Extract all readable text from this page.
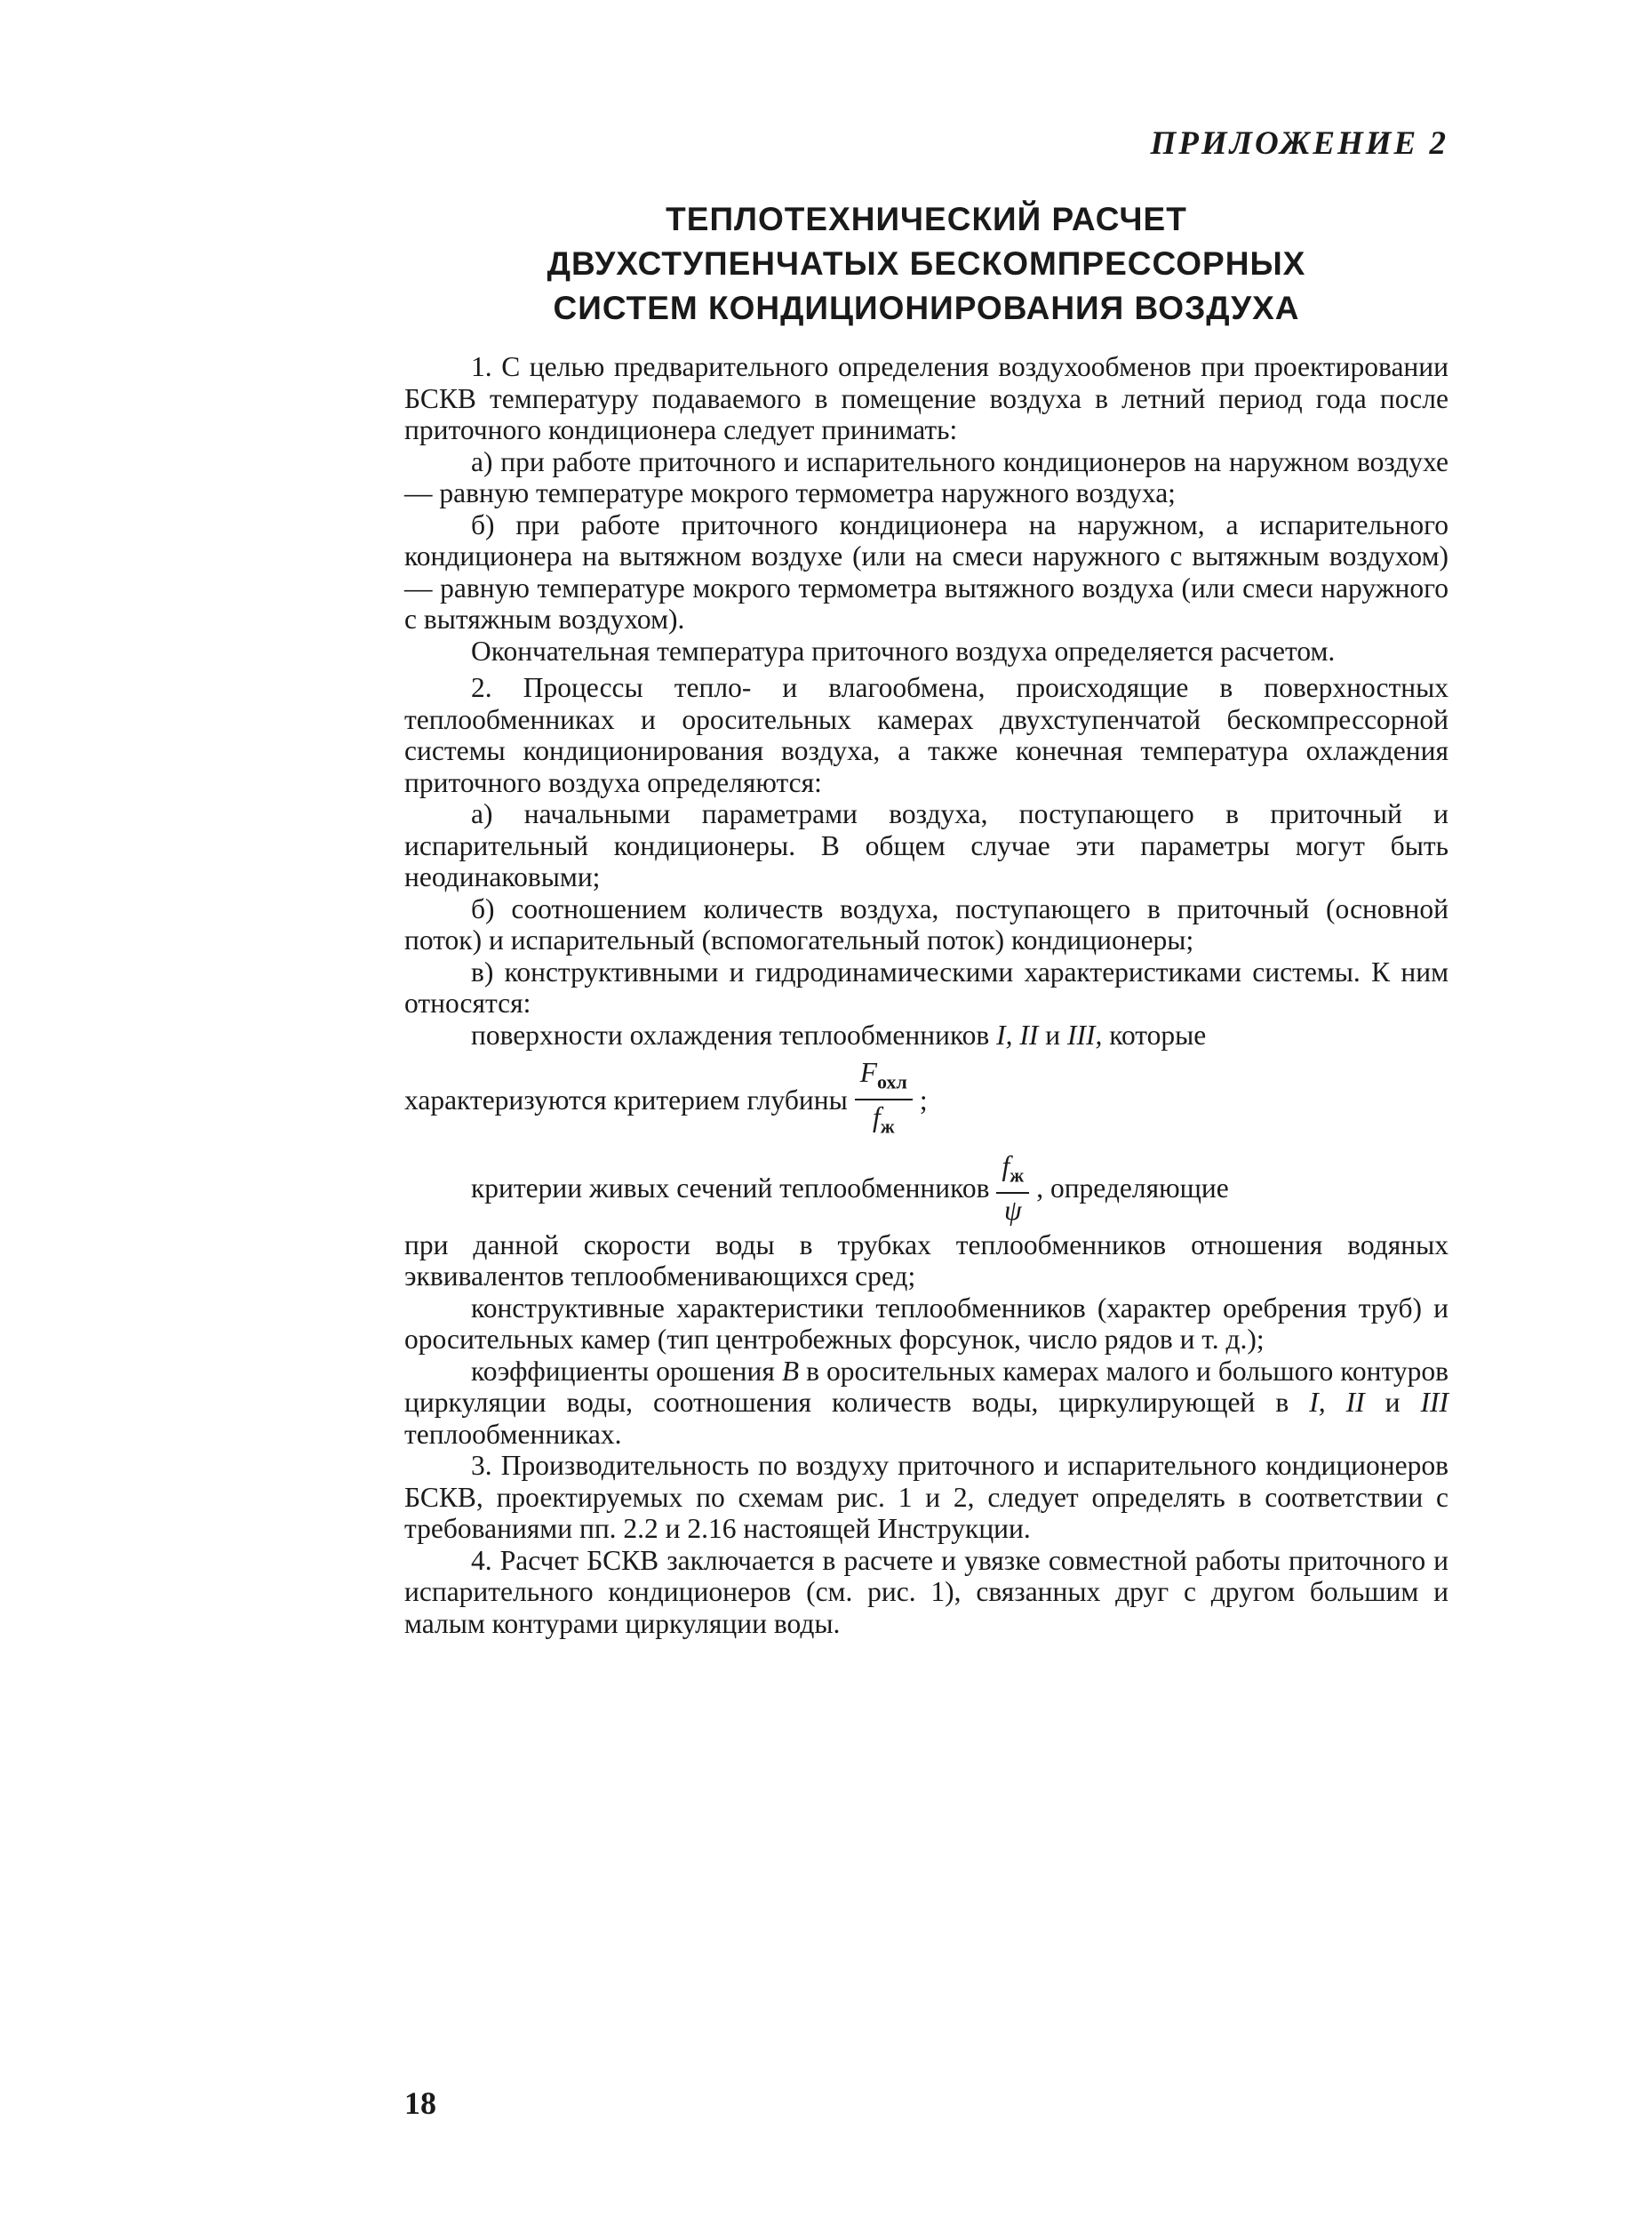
ПРИЛОЖЕНИЕ 2
ТЕПЛОТЕХНИЧЕСКИЙ РАСЧЕТ
ДВУХСТУПЕНЧАТЫХ БЕСКОМПРЕССОРНЫХ
СИСТЕМ КОНДИЦИОНИРОВАНИЯ ВОЗДУХА

1. С целью предварительного определения воздухообменов при проектировании БСКВ температуру подаваемого в помещение воздуха в летний период года после приточного кондиционера следует принимать:

а) при работе приточного и испарительного кондиционеров на наружном воздухе — равную температуре мокрого термометра наружного воздуха;

б) при работе приточного кондиционера на наружном, а испарительного кондиционера на вытяжном воздухе (или на смеси наружного с вытяжным воздухом) — равную температуре мокрого термометра вытяжного воздуха (или смеси наружного с вытяжным воздухом).

Окончательная температура приточного воздуха определяется расчетом.

2. Процессы тепло- и влагообмена, происходящие в поверхностных теплообменниках и оросительных камерах двухступенчатой бескомпрессорной системы кондиционирования воздуха, а также конечная температура охлаждения приточного воздуха определяются:

а) начальными параметрами воздуха, поступающего в приточный и испарительный кондиционеры. В общем случае эти параметры могут быть неодинаковыми;

б) соотношением количеств воздуха, поступающего в приточный (основной поток) и испарительный (вспомогательный поток) кондиционеры;

в) конструктивными и гидродинамическими характеристиками системы. К ним относятся:

поверхности охлаждения теплообменников I, II и III, которые

характеризуются критерием глубины $\frac{F_{охл}}{f_ж}$ ;
критерии живых сечений теплообменников $\frac{f_ж}{\psi}$ , определяющие

при данной скорости воды в трубках теплообменников отношения водяных эквивалентов теплообменивающихся сред;

конструктивные характеристики теплообменников (характер оребрения труб) и оросительных камер (тип центробежных форсунок, число рядов и т. д.);

коэффициенты орошения B в оросительных камерах малого и большого контуров циркуляции воды, соотношения количеств воды, циркулирующей в I, II и III теплообменниках.

3. Производительность по воздуху приточного и испарительного кондиционеров БСКВ, проектируемых по схемам рис. 1 и 2, следует определять в соответствии с требованиями пп. 2.2 и 2.16 настоящей Инструкции.

4. Расчет БСКВ заключается в расчете и увязке совместной работы приточного и испарительного кондиционеров (см. рис. 1), связанных друг с другом большим и малым контурами циркуляции воды.

18
